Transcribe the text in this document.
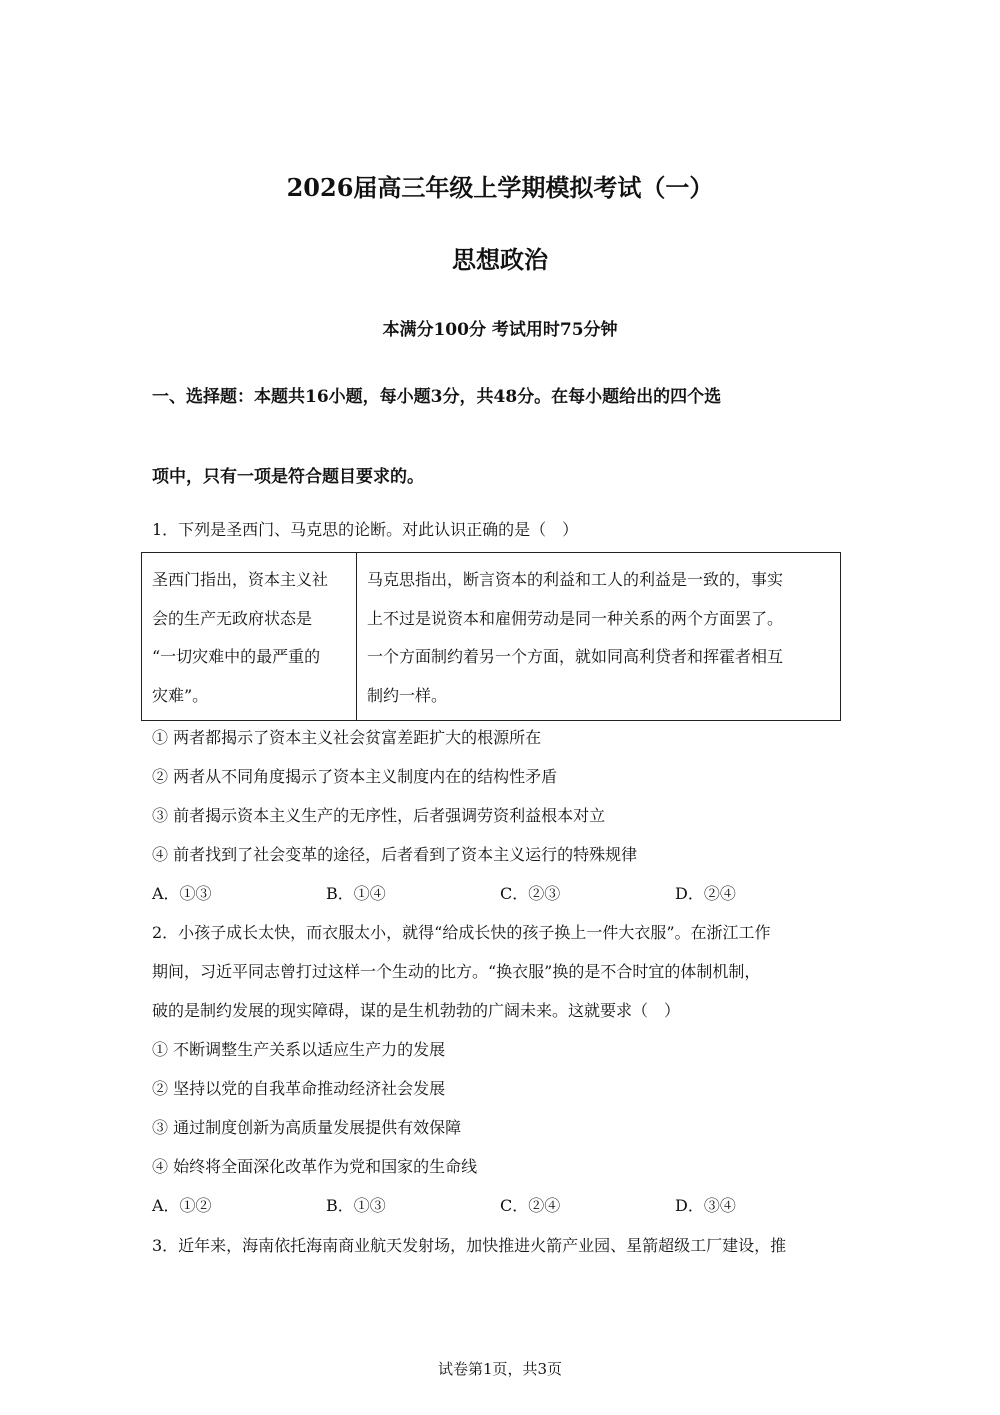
2026届高三年级上学期模拟考试（一）
思想政治
本满分100分 考试用时75分钟
一、选择题：本题共16小题，每小题3分，共48分。在每小题给出的四个选
项中，只有一项是符合题目要求的。
1．下列是圣西门、马克思的论断。对此认识正确的是（　）
圣西门指出，资本主义社
会的生产无政府状态是
“一切灾难中的最严重的
灾难”。

马克思指出，断言资本的利益和工人的利益是一致的，事实
上不过是说资本和雇佣劳动是同一种关系的两个方面罢了。
一个方面制约着另一个方面，就如同高利贷者和挥霍者相互
制约一样。
① 两者都揭示了资本主义社会贫富差距扩大的根源所在
② 两者从不同角度揭示了资本主义制度内在的结构性矛盾
③ 前者揭示资本主义生产的无序性，后者强调劳资利益根本对立
④ 前者找到了社会变革的途径，后者看到了资本主义运行的特殊规律
A．①③	B．①④	C．②③	D．②④
2．小孩子成长太快，而衣服太小，就得“给成长快的孩子换上一件大衣服”。在浙江工作
期间，习近平同志曾打过这样一个生动的比方。“换衣服”换的是不合时宜的体制机制，
破的是制约发展的现实障碍，谋的是生机勃勃的广阔未来。这就要求（　）
① 不断调整生产关系以适应生产力的发展
② 坚持以党的自我革命推动经济社会发展
③ 通过制度创新为高质量发展提供有效保障
④ 始终将全面深化改革作为党和国家的生命线
A．①②	B．①③	C．②④	D．③④
3．近年来，海南依托海南商业航天发射场，加快推进火箭产业园、星箭超级工厂建设，推
试卷第1页，共3页
